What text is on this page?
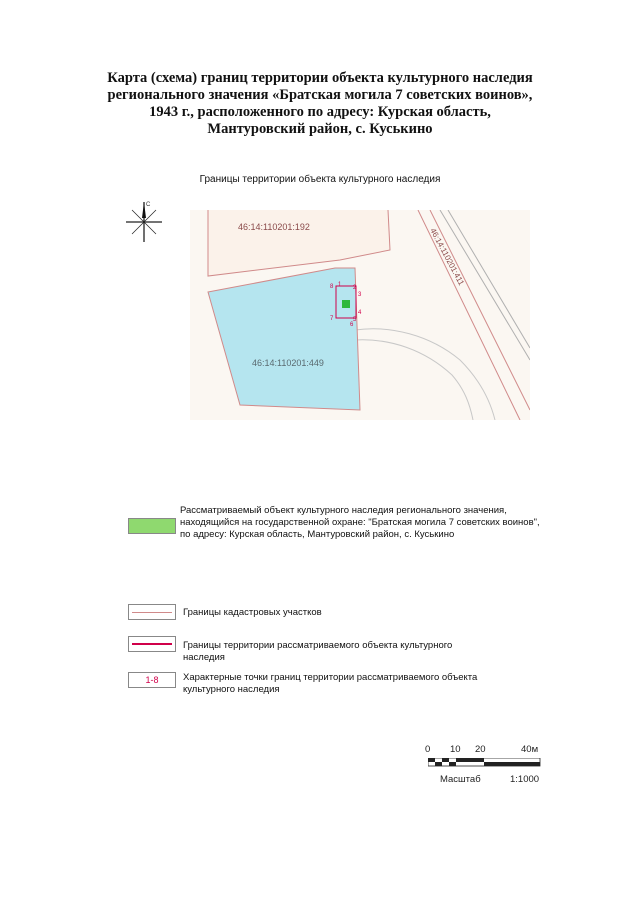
Карта (схема) границ территории объекта культурного наследия
регионального значения «Братская могила 7 советских воинов»,
1943 г., расположенного по адресу: Курская область,
Мантуровский район, с. Куськино
Границы территории объекта культурного наследия
С
46:14:110201:192
46:14:110201:449
46:14:110201:411
1 2
3
4
5
6
7
8
Рассматриваемый объект культурного наследия регионального значения, находящийся на государственной охране: "Братская могила 7 советских воинов", по адресу: Курская область, Мантуровский район, с. Куськино
Границы кадастровых участков
Границы территории рассматриваемого объекта культурного наследия
1-8	Характерные точки границ территории рассматриваемого объекта культурного наследия
0 10 20	40м
Масштаб	1:1000
